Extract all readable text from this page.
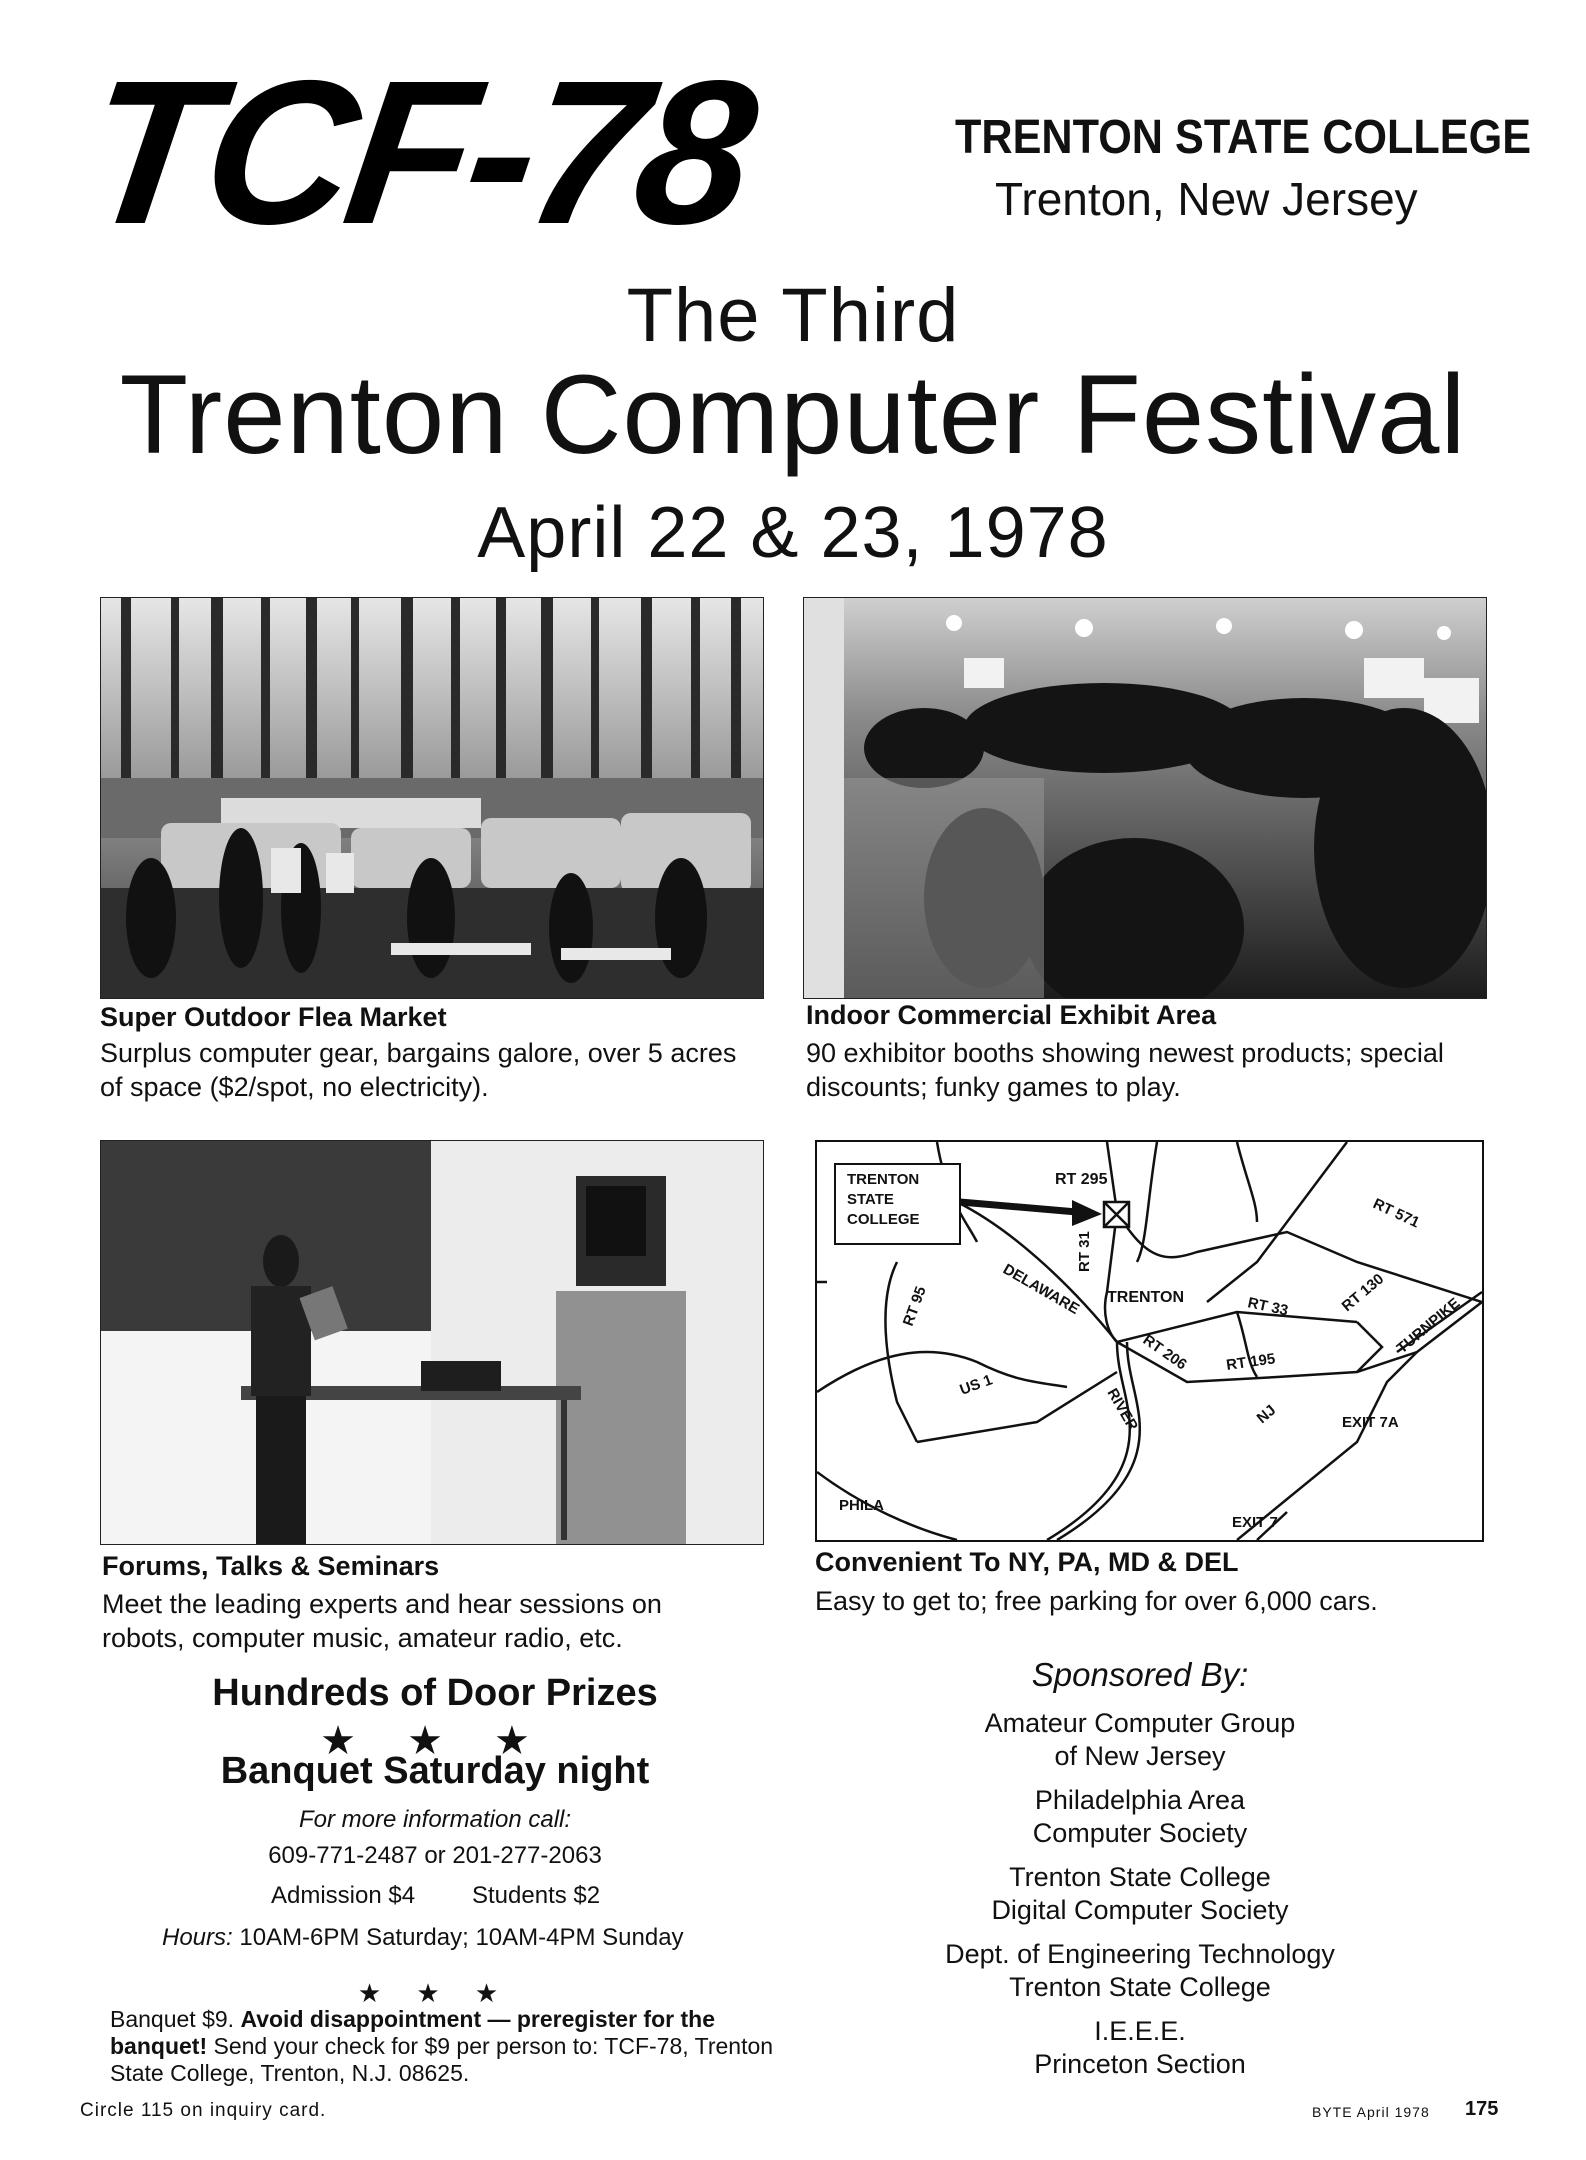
TCF-78	TRENTON STATE COLLEGE
Trenton, New Jersey
The Third
Trenton Computer Festival
April 22 & 23, 1978
Super Outdoor Flea Market
Surplus computer gear, bargains galore, over 5 acres of space ($2/spot, no electricity).
Indoor Commercial Exhibit Area
90 exhibitor booths showing newest products; special discounts; funky games to play.
TRENTON
STATE
COLLEGE
RT 295
RT 571
RT 31
RT 95	DELAWARE TRENTON	RT 33	RT 130
TURNPIKE
RT 206 RT 195
US 1
RIVER	NJ	EXIT 7A
PHILA
EXIT 7
Forums, Talks & Seminars
Meet the leading experts and hear sessions on robots, computer music, amateur radio, etc.
Convenient To NY, PA, MD & DEL
Easy to get to; free parking for over 6,000 cars.
Hundreds of Door Prizes
★ ★ ★
Banquet Saturday night
For more information call:
609-771-2487 or 201-277-2063
Admission $4 Students $2
Hours: 10AM-6PM Saturday; 10AM-4PM Sunday
★ ★ ★
Banquet $9. Avoid disappointment — preregister for the banquet! Send your check for $9 per person to: TCF-78, Trenton State College, Trenton, N.J. 08625.
Sponsored By:
Amateur Computer Group
of New Jersey
Philadelphia Area
Computer Society
Trenton State College
Digital Computer Society
Dept. of Engineering Technology
Trenton State College
I.E.E.E.
Princeton Section
Circle 115 on inquiry card.	BYTE April 1978 175
